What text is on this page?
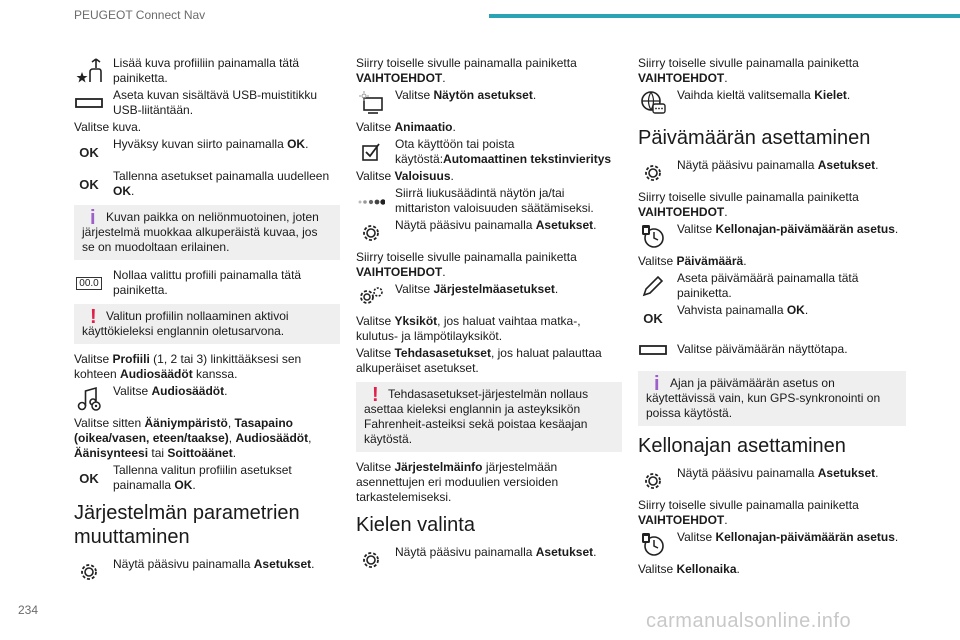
PEUGEOT Connect Nav
Lisää kuva profiiliin painamalla tätä painiketta.
Aseta kuvan sisältävä USB-muistitikku USB-liitäntään.
Valitse kuva.
OK
Hyväksy kuvan siirto painamalla OK.
OK
Tallenna asetukset painamalla uudelleen OK.
i Kuvan paikka on neliönmuotoinen, joten järjestelmä muokkaa alkuperäistä kuvaa, jos se on muodoltaan erilainen.
00.0
Nollaa valittu profiili painamalla tätä painiketta.
! Valitun profiilin nollaaminen aktivoi käyttökieleksi englannin oletusarvona.
Valitse Profiili (1, 2 tai 3) linkittääksesi sen kohteen Audiosäädöt kanssa.
Valitse Audiosäädöt.
Valitse sitten Ääniympäristö, Tasapaino (oikea/vasen, eteen/taakse), Audiosäädöt,
Äänisynteesi tai Soittoäänet.
OK
Tallenna valitun profiilin asetukset painamalla OK.
Järjestelmän parametrien muuttaminen
Näytä pääsivu painamalla Asetukset.
Siirry toiselle sivulle painamalla painiketta VAIHTOEHDOT.
Valitse Näytön asetukset.
Valitse Animaatio.
Ota käyttöön tai poista käytöstä:Automaattinen tekstinvieritys
Valitse Valoisuus.
Siirrä liukusäädintä näytön ja/tai mittariston valoisuuden säätämiseksi.
Näytä pääsivu painamalla Asetukset.
Siirry toiselle sivulle painamalla painiketta VAIHTOEHDOT.
Valitse Järjestelmäasetukset.
Valitse Yksiköt, jos haluat vaihtaa matka-, kulutus- ja lämpötilayksiköt.
Valitse Tehdasasetukset, jos haluat palauttaa alkuperäiset asetukset.
! Tehdasasetukset-järjestelmän nollaus asettaa kieleksi englannin ja asteyksikön Fahrenheit-asteiksi sekä poistaa kesäajan käytöstä.
Valitse Järjestelmäinfo järjestelmään asennettujen eri moduulien versioiden tarkastelemiseksi.
Kielen valinta
Näytä pääsivu painamalla Asetukset.
Siirry toiselle sivulle painamalla painiketta VAIHTOEHDOT.
Vaihda kieltä valitsemalla Kielet.
Päivämäärän asettaminen
Näytä pääsivu painamalla Asetukset.
Siirry toiselle sivulle painamalla painiketta VAIHTOEHDOT.
Valitse Kellonajan-päivämäärän asetus.
Valitse Päivämäärä.
Aseta päivämäärä painamalla tätä painiketta.
OK
Vahvista painamalla OK.
Valitse päivämäärän näyttötapa.
i Ajan ja päivämäärän asetus on käytettävissä vain, kun GPS-synkronointi on poissa käytöstä.
Kellonajan asettaminen
Näytä pääsivu painamalla Asetukset.
Siirry toiselle sivulle painamalla painiketta VAIHTOEHDOT.
Valitse Kellonajan-päivämäärän asetus.
Valitse Kellonaika.
234	carmanualsonline.info
